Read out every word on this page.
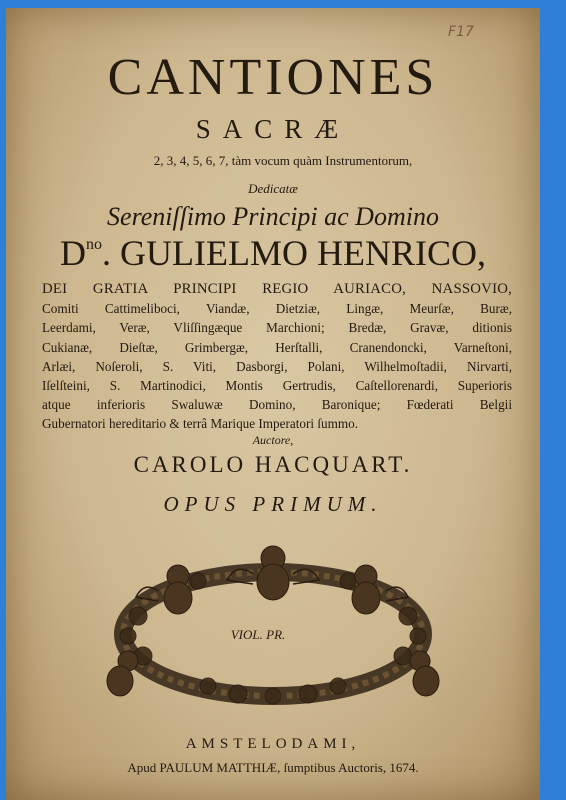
F17
CANTIONES
SACRÆ
2, 3, 4, 5, 6, 7, tàm vocum quàm Instrumentorum,
Dedicatæ
Sereniſſimo Principi ac Domino
$D^{no}$. GULIELMO HENRICO,
DEI GRATIA PRINCIPI REGIO AURIACO, NASSOVIO,
Comiti Cattimeliboci, Viandæ, Dietziæ, Lingæ, Meurſæ, Buræ,
Leerdami, Veræ, Vliſſingæque Marchioni; Bredæ, Gravæ, ditionis
Cukianæ, Dieſtæ, Grimbergæ, Herſtalli, Cranendoncki, Varneſtoni,
Arlæi, Noſeroli, S. Viti, Dasborgi, Polani, Wilhelmoſtadii, Nirvarti,
Iſelſteini, S. Martinodici, Montis Gertrudis, Caſtellorenardi, Superioris
atque inferioris Swaluwæ Domino, Baronique; Fœderati Belgii
Gubernatori hereditario & terrâ Marique Imperatori ſummo.
Auctore,
CAROLO HACQUART.
OPUS PRIMUM.
VIOL. PR.
AMSTELODAMI,
Apud PAULUM MATTHIÆ, ſumptibus Auctoris, 1674.
